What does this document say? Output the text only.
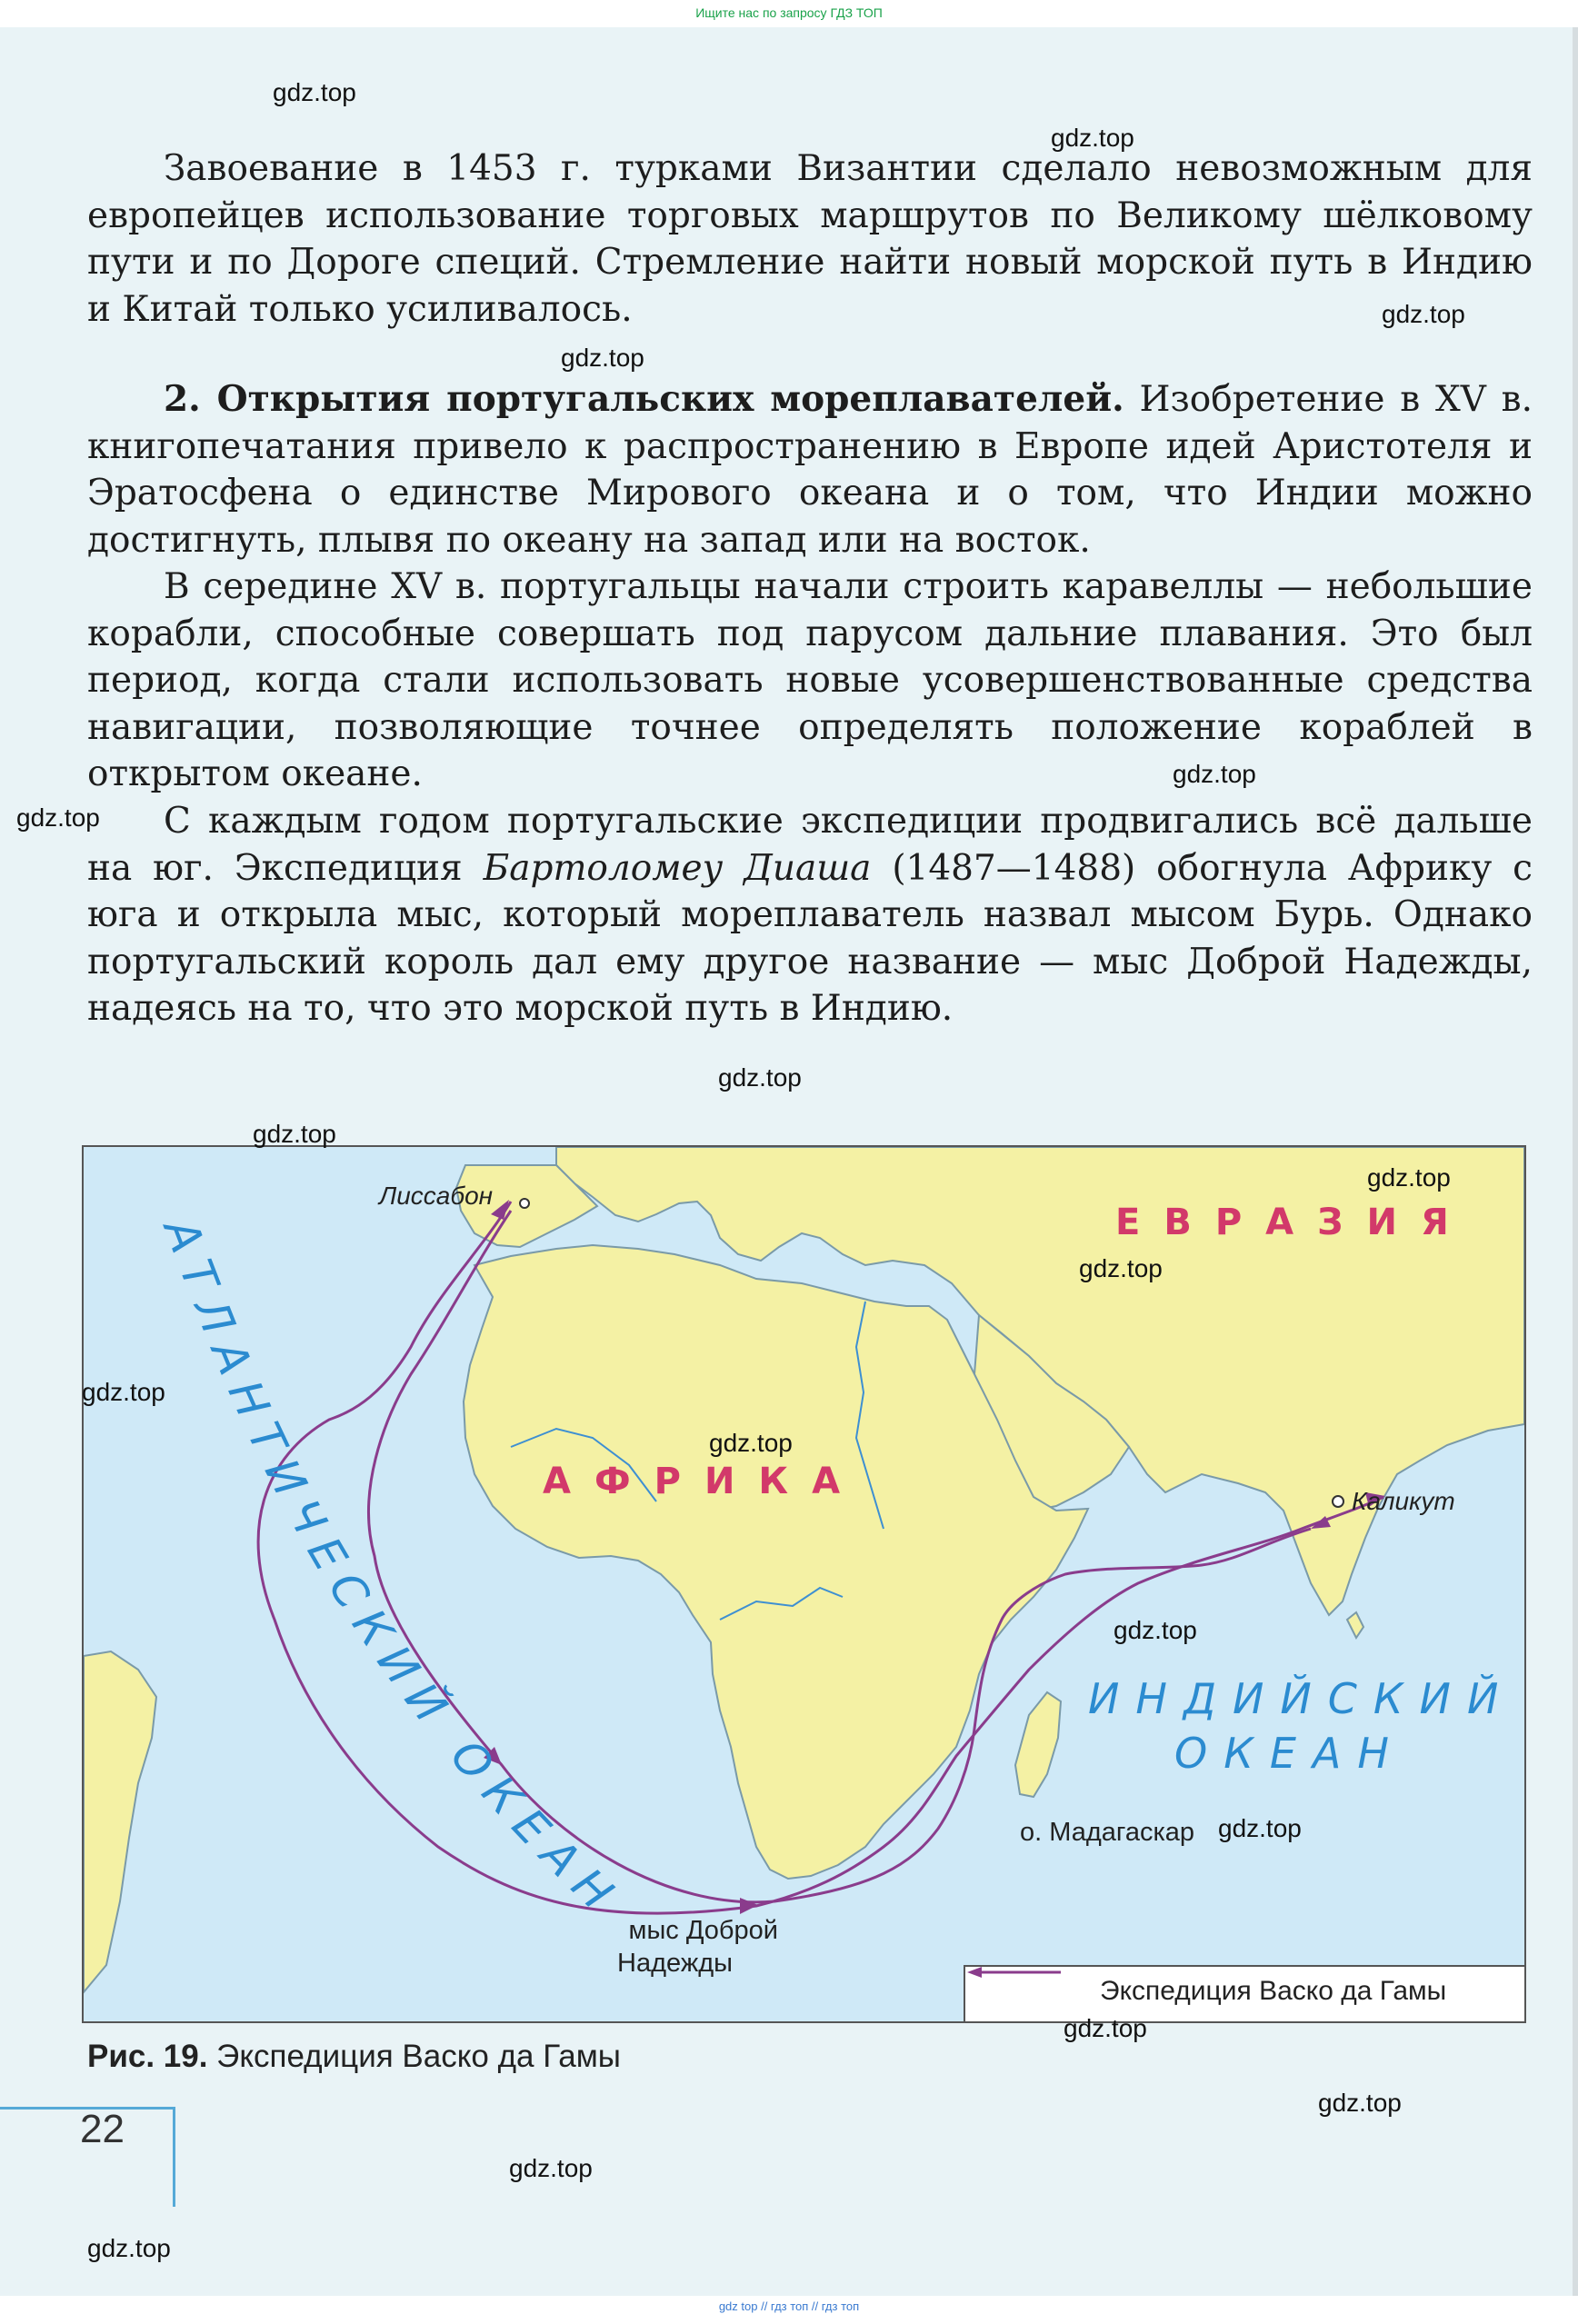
Ищите нас по запросу ГДЗ ТОП

Завоевание в 1453 г. турками Византии сделало невозможным для европейцев использование торговых маршрутов по Великому шёлковому пути и по Дороге специй. Стремление найти новый морской путь в Индию и Китай только усиливалось.

2. Открытия португальских мореплавателей. Изобретение в XV в. книгопечатания привело к распространению в Европе идей Аристотеля и Эратосфена о единстве Мирового океана и о том, что Индии можно достигнуть, плывя по океану на запад или на восток.

В середине XV в. португальцы начали строить каравеллы — небольшие корабли, способные совершать под парусом дальние плавания. Это был период, когда стали использовать новые усовершенствованные средства навигации, позволяющие точнее определять положение кораблей в открытом океане.

С каждым годом португальские экспедиции продвигались всё дальше на юг. Экспедиция Бартоломеу Диаша (1487—1488) обогнула Африку с юга и открыла мыс, который мореплаватель назвал мысом Бурь. Однако португальский король дал ему другое название — мыс Доброй Надежды, надеясь на то, что это морской путь в Индию.

Лиссабон
Каликут
ЕВРАЗИЯ
АФРИКА
ИНДИЙСКИЙ
ОКЕАН
о. Мадагаскар
мыс Доброй
Надежды
Экспедиция Васко да Гамы
АТЛАНТИЧЕСКИЙ ОКЕАН
Рис. 19. Экспедиция Васко да Гамы
22
gdz.top
gdz.top
gdz.top
gdz.top
gdz.top
gdz.top
gdz.top
gdz.top
gdz.top
gdz.top
gdz.top
gdz.top
gdz.top
gdz.top
gdz.top
gdz.top
gdz.top
gdz.top
gdz top // гдз топ // гдз топ
